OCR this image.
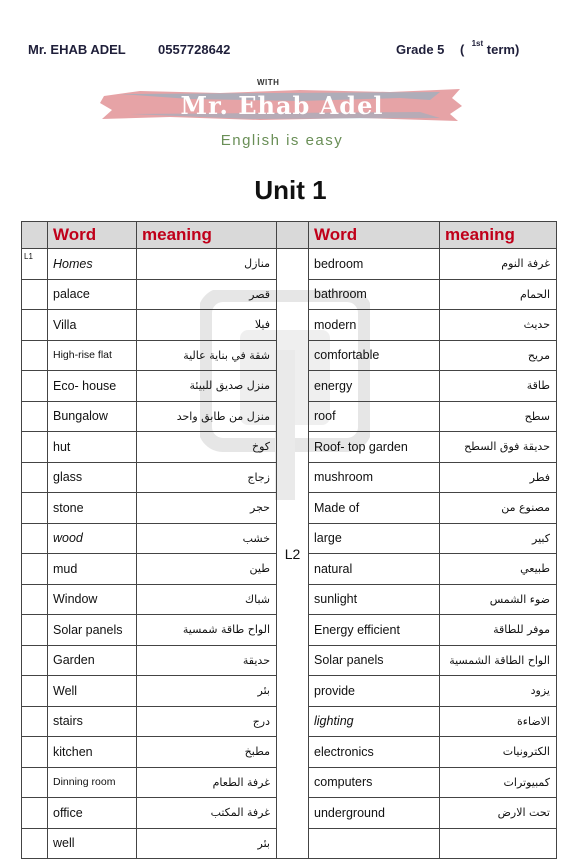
Mr. EHAB ADEL 0557728642	Grade 5 ( $^{1st}$ term)
WITH
Mr. Ehab Adel
English is easy
Unit 1
	Word	meaning		Word	meaning
L1	Homes	منازل	L2	bedroom	غرفة النوم
	palace	قصر		bathroom	الحمام
	Villa	فيلا		modern	حديث
	High-rise flat	شقة في بناية عالية		comfortable	مريح
	Eco- house	منزل صديق للبيئة		energy	طاقة
	Bungalow	منزل من طابق واحد		roof	سطح
	hut	كوخ		Roof- top garden	حديقة فوق السطح
	glass	زجاج		mushroom	فطر
	stone	حجر		Made of	مصنوع من
	wood	خشب		large	كبير
	mud	طين		natural	طبيعي
	Window	شباك		sunlight	ضوء الشمس
	Solar panels	الواح طاقة شمسية		Energy efficient	موفر للطاقة
	Garden	حديقة		Solar panels	الواح الطاقة الشمسية
	Well	بئر		provide	يزود
	stairs	درج		lighting	الاضاءة
	kitchen	مطبخ		electronics	الكترونيات
	Dinning room	غرفة الطعام		computers	كمبيوترات
	office	غرفة المكتب		underground	تحت الارض
	well	بئر			
